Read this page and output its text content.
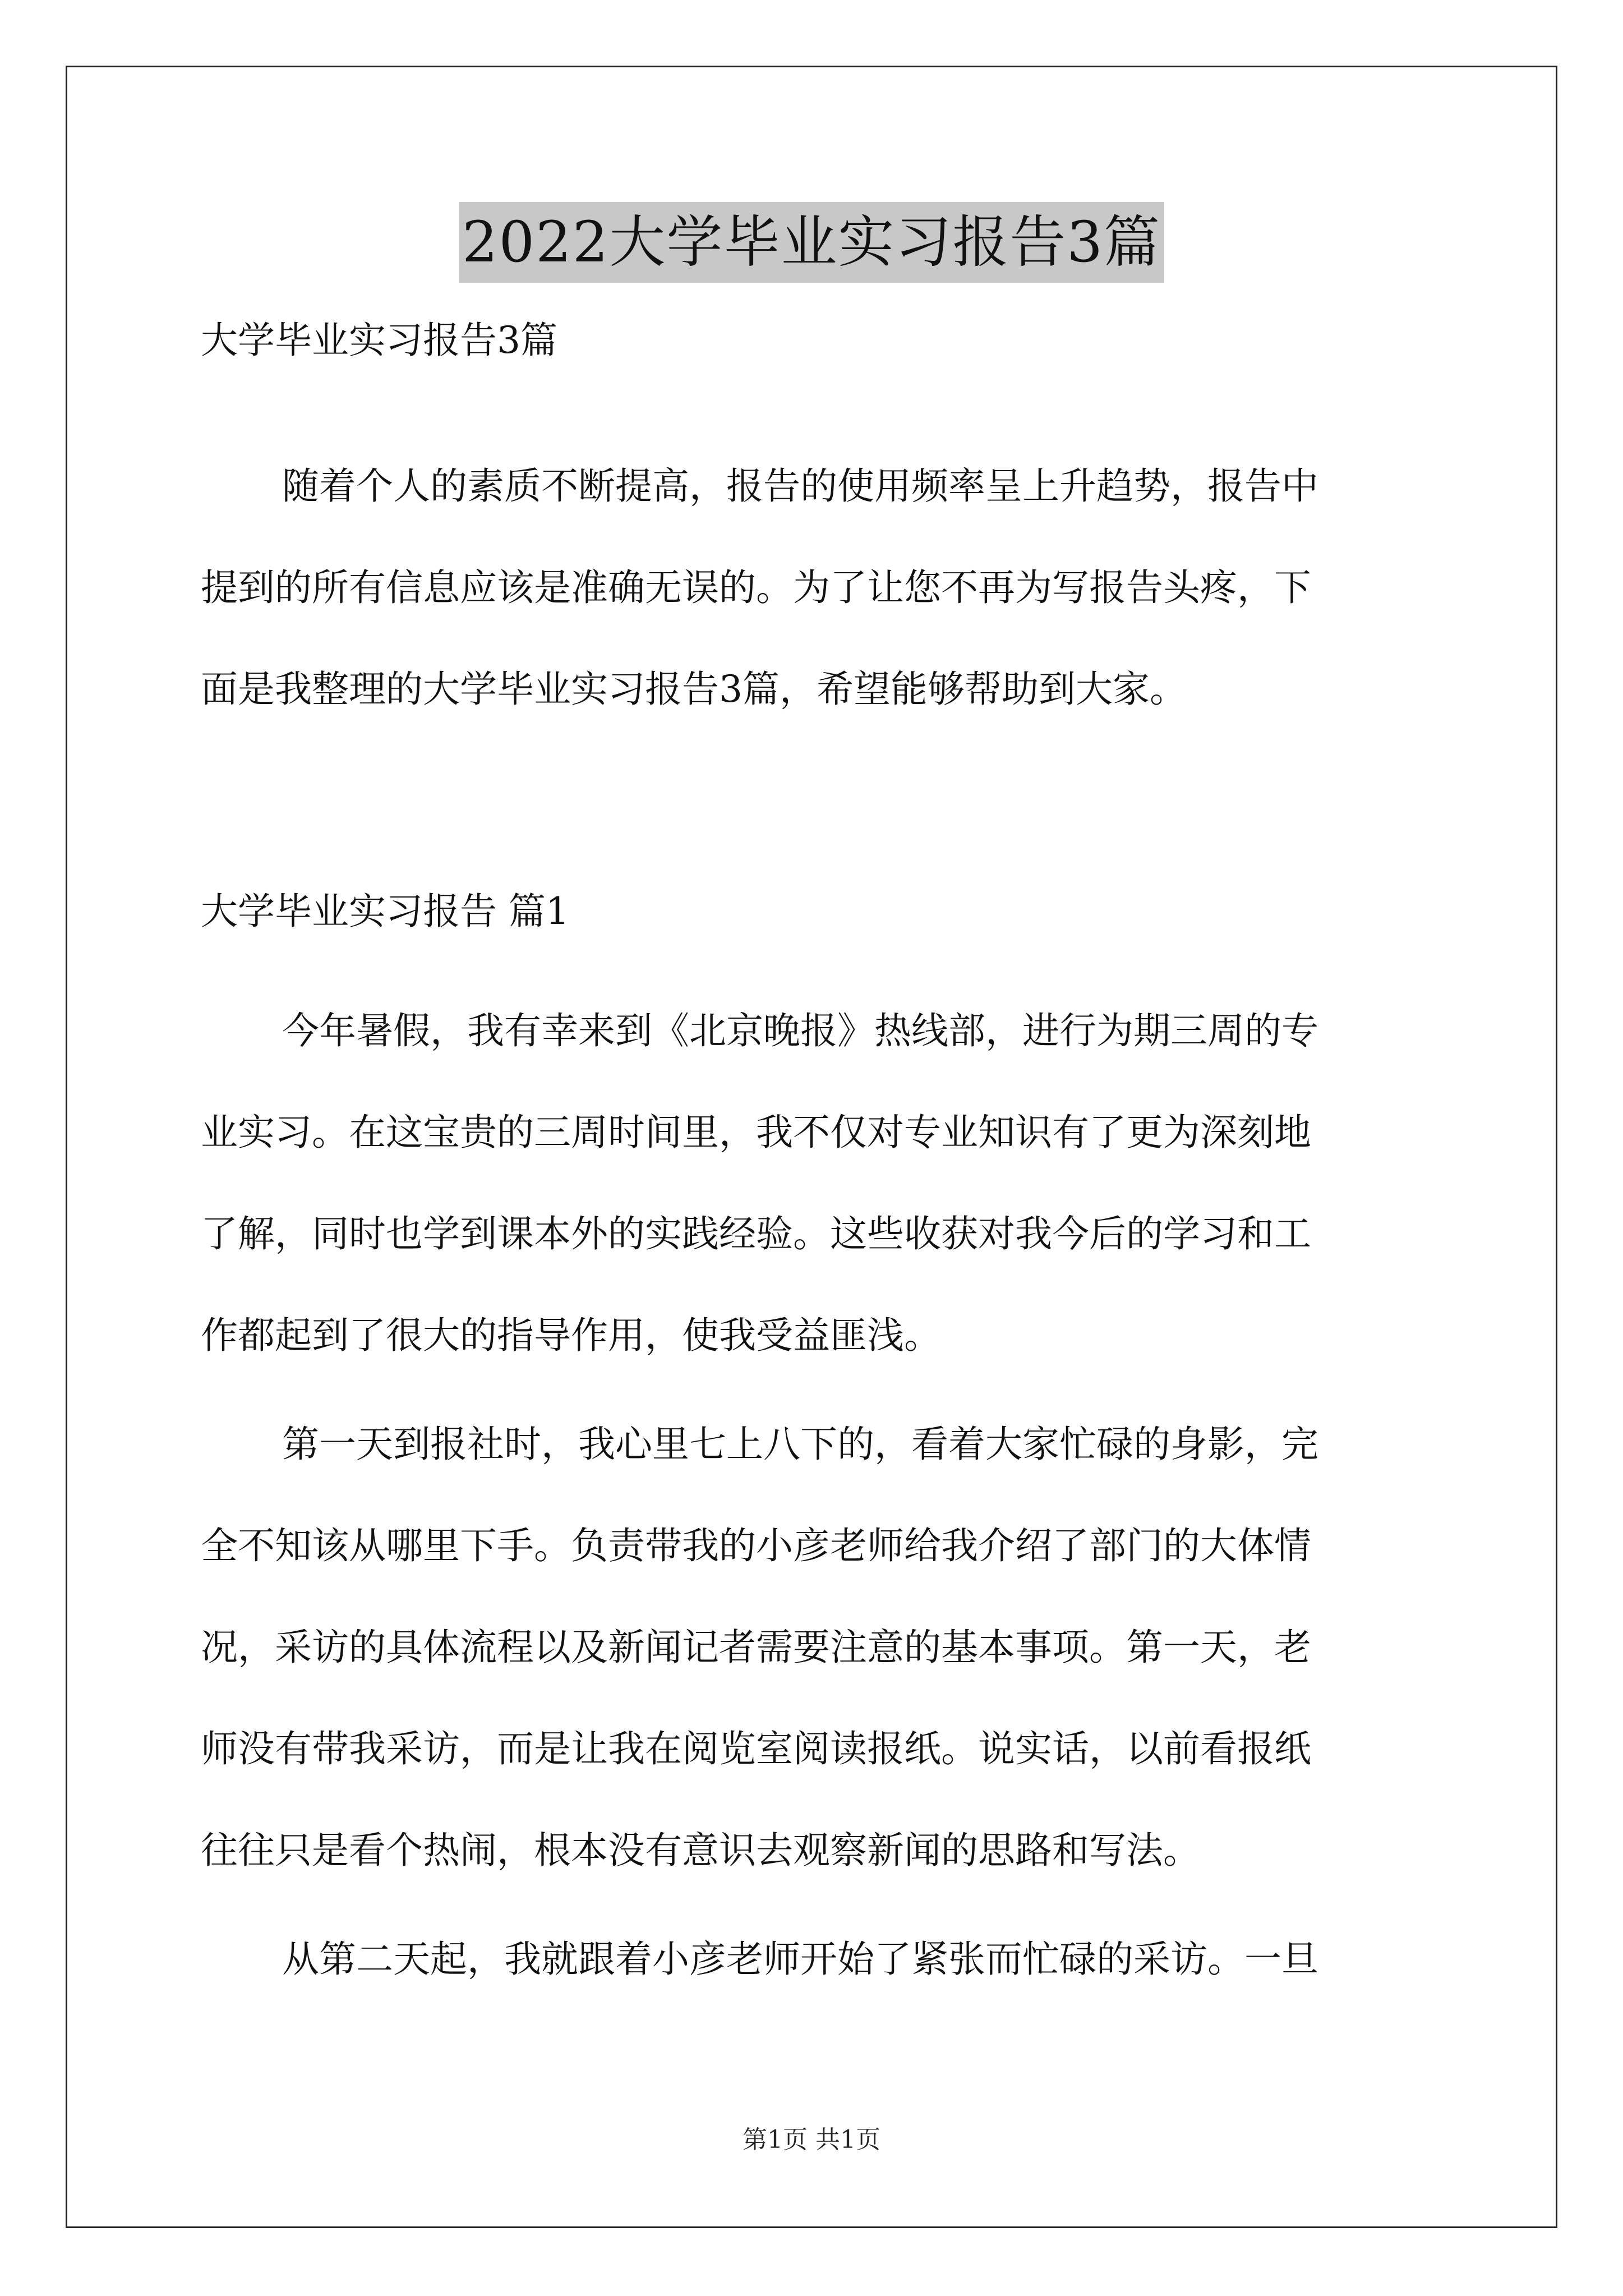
2022大学毕业实习报告3篇
大学毕业实习报告3篇
随着个人的素质不断提高，报告的使用频率呈上升趋势，报告中
提到的所有信息应该是准确无误的。为了让您不再为写报告头疼，下
面是我整理的大学毕业实习报告3篇，希望能够帮助到大家。
大学毕业实习报告 篇1
今年暑假，我有幸来到《北京晚报》热线部，进行为期三周的专
业实习。在这宝贵的三周时间里，我不仅对专业知识有了更为深刻地
了解，同时也学到课本外的实践经验。这些收获对我今后的学习和工
作都起到了很大的指导作用，使我受益匪浅。
第一天到报社时，我心里七上八下的，看着大家忙碌的身影，完
全不知该从哪里下手。负责带我的小彦老师给我介绍了部门的大体情
况，采访的具体流程以及新闻记者需要注意的基本事项。第一天，老
师没有带我采访，而是让我在阅览室阅读报纸。说实话，以前看报纸
往往只是看个热闹，根本没有意识去观察新闻的思路和写法。
从第二天起，我就跟着小彦老师开始了紧张而忙碌的采访。一旦
第1页 共1页
